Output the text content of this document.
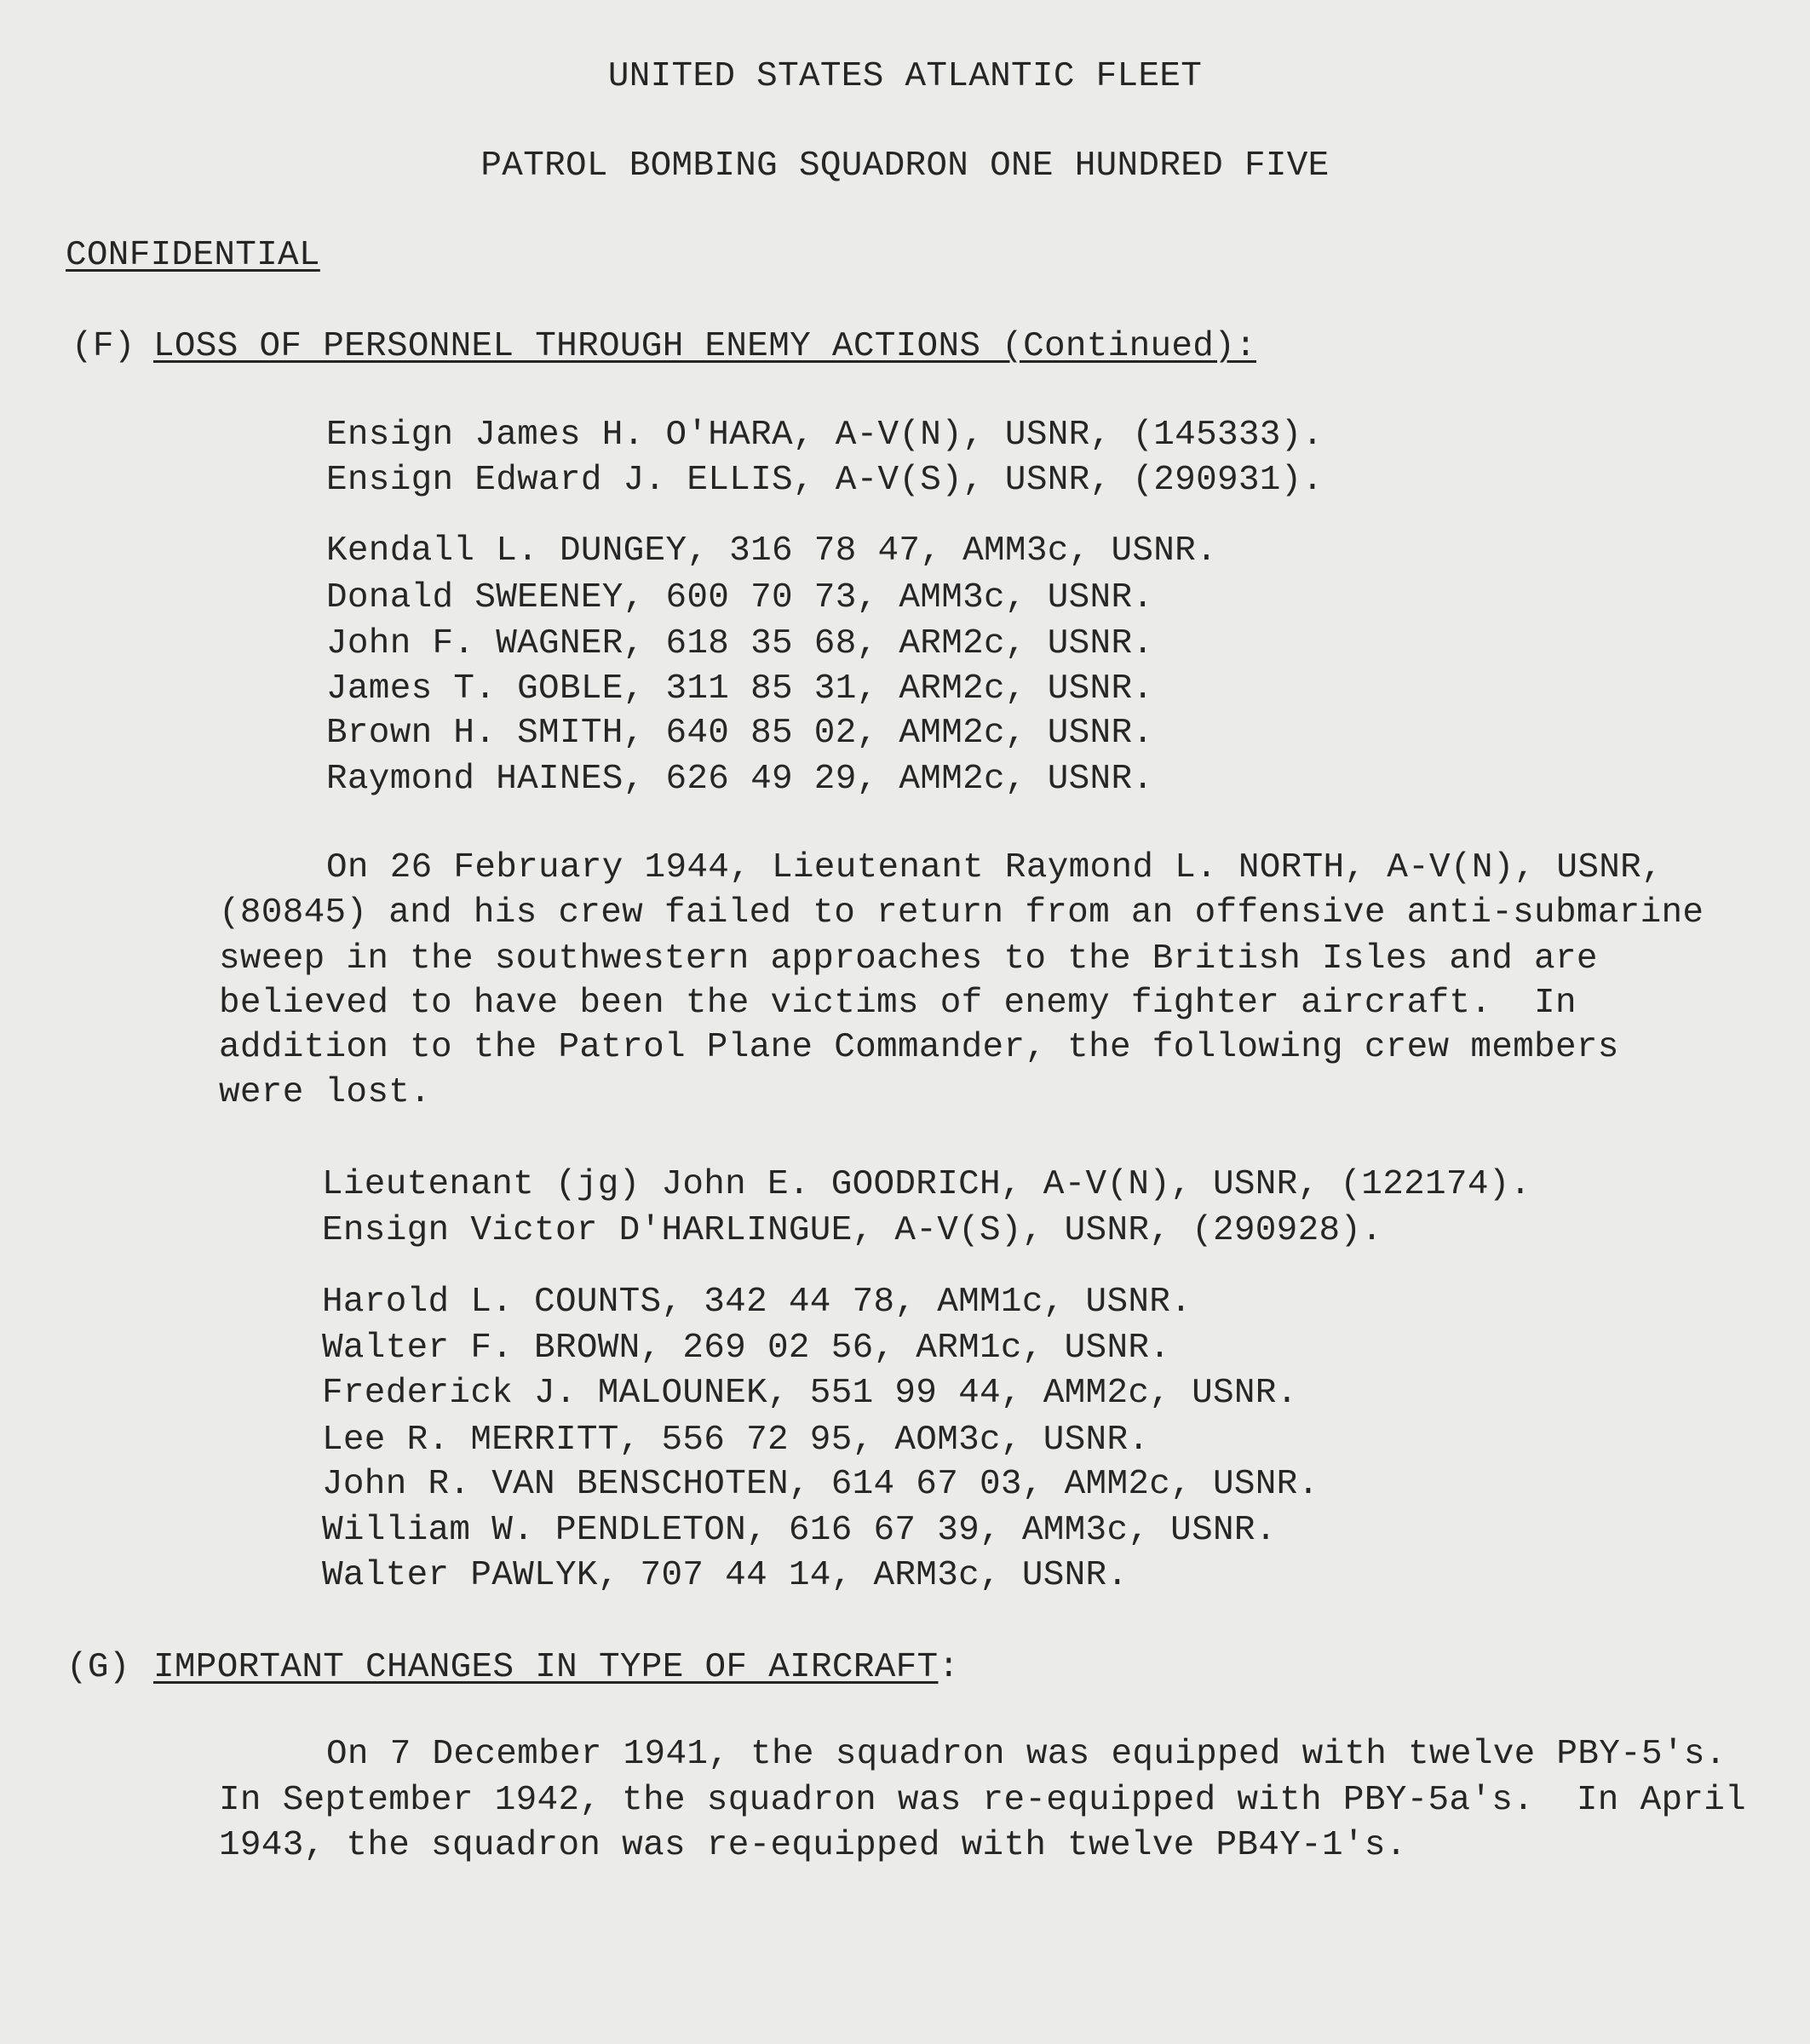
UNITED STATES ATLANTIC FLEET
PATROL BOMBING SQUADRON ONE HUNDRED FIVE
CONFIDENTIAL
(F) LOSS OF PERSONNEL THROUGH ENEMY ACTIONS (Continued):
Ensign James H. O'HARA, A-V(N), USNR, (145333).
Ensign Edward J. ELLIS, A-V(S), USNR, (290931).
Kendall L. DUNGEY, 316 78 47, AMM3c, USNR.
Donald SWEENEY, 600 70 73, AMM3c, USNR.
John F. WAGNER, 618 35 68, ARM2c, USNR.
James T. GOBLE, 311 85 31, ARM2c, USNR.
Brown H. SMITH, 640 85 02, AMM2c, USNR.
Raymond HAINES, 626 49 29, AMM2c, USNR.
On 26 February 1944, Lieutenant Raymond L. NORTH, A-V(N), USNR,
(80845) and his crew failed to return from an offensive anti-submarine
sweep in the southwestern approaches to the British Isles and are
believed to have been the victims of enemy fighter aircraft.  In
addition to the Patrol Plane Commander, the following crew members
were lost.
Lieutenant (jg) John E. GOODRICH, A-V(N), USNR, (122174).
Ensign Victor D'HARLINGUE, A-V(S), USNR, (290928).
Harold L. COUNTS, 342 44 78, AMM1c, USNR.
Walter F. BROWN, 269 02 56, ARM1c, USNR.
Frederick J. MALOUNEK, 551 99 44, AMM2c, USNR.
Lee R. MERRITT, 556 72 95, AOM3c, USNR.
John R. VAN BENSCHOTEN, 614 67 03, AMM2c, USNR.
William W. PENDLETON, 616 67 39, AMM3c, USNR.
Walter PAWLYK, 707 44 14, ARM3c, USNR.
(G) IMPORTANT CHANGES IN TYPE OF AIRCRAFT:
On 7 December 1941, the squadron was equipped with twelve PBY-5's.
In September 1942, the squadron was re-equipped with PBY-5a's.  In April
1943, the squadron was re-equipped with twelve PB4Y-1's.
